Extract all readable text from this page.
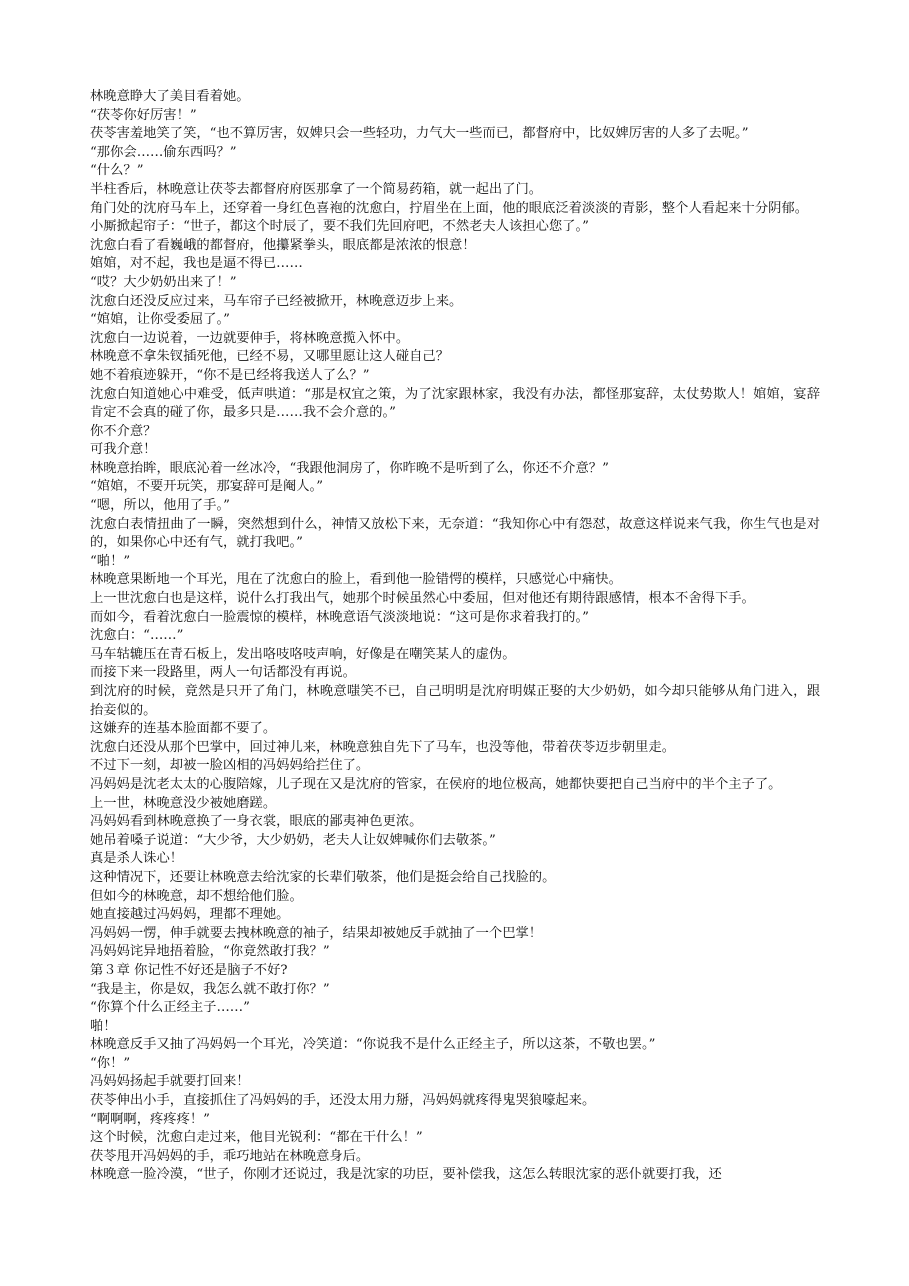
林晚意睁大了美目看着她。

“茯苓你好厉害！”

茯苓害羞地笑了笑，“也不算厉害，奴婢只会一些轻功，力气大一些而已，都督府中，比奴婢厉害的人多了去呢。”

“那你会……偷东西吗？”

“什么？”

半柱香后，林晚意让茯苓去都督府府医那拿了一个简易药箱，就一起出了门。

角门处的沈府马车上，还穿着一身红色喜袍的沈愈白，拧眉坐在上面，他的眼底泛着淡淡的青影，整个人看起来十分阴郁。

小厮掀起帘子：“世子，都这个时辰了，要不我们先回府吧，不然老夫人该担心您了。”

沈愈白看了看巍峨的都督府，他攥紧拳头，眼底都是浓浓的恨意！

婠婠，对不起，我也是逼不得已……

“哎？大少奶奶出来了！”

沈愈白还没反应过来，马车帘子已经被掀开，林晚意迈步上来。

“婠婠，让你受委屈了。”

沈愈白一边说着，一边就要伸手，将林晚意揽入怀中。

林晚意不拿朱钗插死他，已经不易，又哪里愿让这人碰自己？

她不着痕迹躲开，“你不是已经将我送人了么？”

沈愈白知道她心中难受，低声哄道：“那是权宜之策，为了沈家跟林家，我没有办法，都怪那宴辞，太仗势欺人！婠婠，宴辞肯定不会真的碰了你，最多只是……我不会介意的。”

你不介意？

可我介意！

林晚意抬眸，眼底沁着一丝冰冷，“我跟他洞房了，你昨晚不是听到了么，你还不介意？”

“婠婠，不要开玩笑，那宴辞可是阉人。”

“嗯，所以，他用了手。”

沈愈白表情扭曲了一瞬，突然想到什么，神情又放松下来，无奈道：“我知你心中有怨怼，故意这样说来气我，你生气也是对的，如果你心中还有气，就打我吧。”

“啪！”

林晚意果断地一个耳光，甩在了沈愈白的脸上，看到他一脸错愕的模样，只感觉心中痛快。

上一世沈愈白也是这样，说什么打我出气，她那个时候虽然心中委屈，但对他还有期待跟感情，根本不舍得下手。

而如今，看着沈愈白一脸震惊的模样，林晚意语气淡淡地说：“这可是你求着我打的。”

沈愈白：“……”

马车轱辘压在青石板上，发出咯吱咯吱声响，好像是在嘲笑某人的虚伪。

而接下来一段路里，两人一句话都没有再说。

到沈府的时候，竟然是只开了角门，林晚意嗤笑不已，自己明明是沈府明媒正娶的大少奶奶，如今却只能够从角门进入，跟抬妾似的。

这嫌弃的连基本脸面都不要了。

沈愈白还没从那个巴掌中，回过神儿来，林晚意独自先下了马车，也没等他，带着茯苓迈步朝里走。

不过下一刻，却被一脸凶相的冯妈妈给拦住了。

冯妈妈是沈老太太的心腹陪嫁，儿子现在又是沈府的管家，在侯府的地位极高，她都快要把自己当府中的半个主子了。

上一世，林晚意没少被她磨蹉。

冯妈妈看到林晚意换了一身衣裳，眼底的鄙夷神色更浓。

她吊着嗓子说道：“大少爷，大少奶奶，老夫人让奴婢喊你们去敬茶。”

真是杀人诛心！

这种情况下，还要让林晚意去给沈家的长辈们敬茶，他们是挺会给自己找脸的。

但如今的林晚意，却不想给他们脸。

她直接越过冯妈妈，理都不理她。

冯妈妈一愣，伸手就要去拽林晚意的袖子，结果却被她反手就抽了一个巴掌！

冯妈妈诧异地捂着脸，“你竟然敢打我？”

第３章 你记性不好还是脑子不好?

“我是主，你是奴，我怎么就不敢打你？”

“你算个什么正经主子……”

啪！

林晚意反手又抽了冯妈妈一个耳光，冷笑道：“你说我不是什么正经主子，所以这茶，不敬也罢。”

“你！”

冯妈妈扬起手就要打回来！

茯苓伸出小手，直接抓住了冯妈妈的手，还没太用力掰，冯妈妈就疼得鬼哭狼嚎起来。

“啊啊啊，疼疼疼！”

这个时候，沈愈白走过来，他目光锐利：“都在干什么！”

茯苓甩开冯妈妈的手，乖巧地站在林晚意身后。

林晚意一脸冷漠，“世子，你刚才还说过，我是沈家的功臣，要补偿我，这怎么转眼沈家的恶仆就要打我，还
